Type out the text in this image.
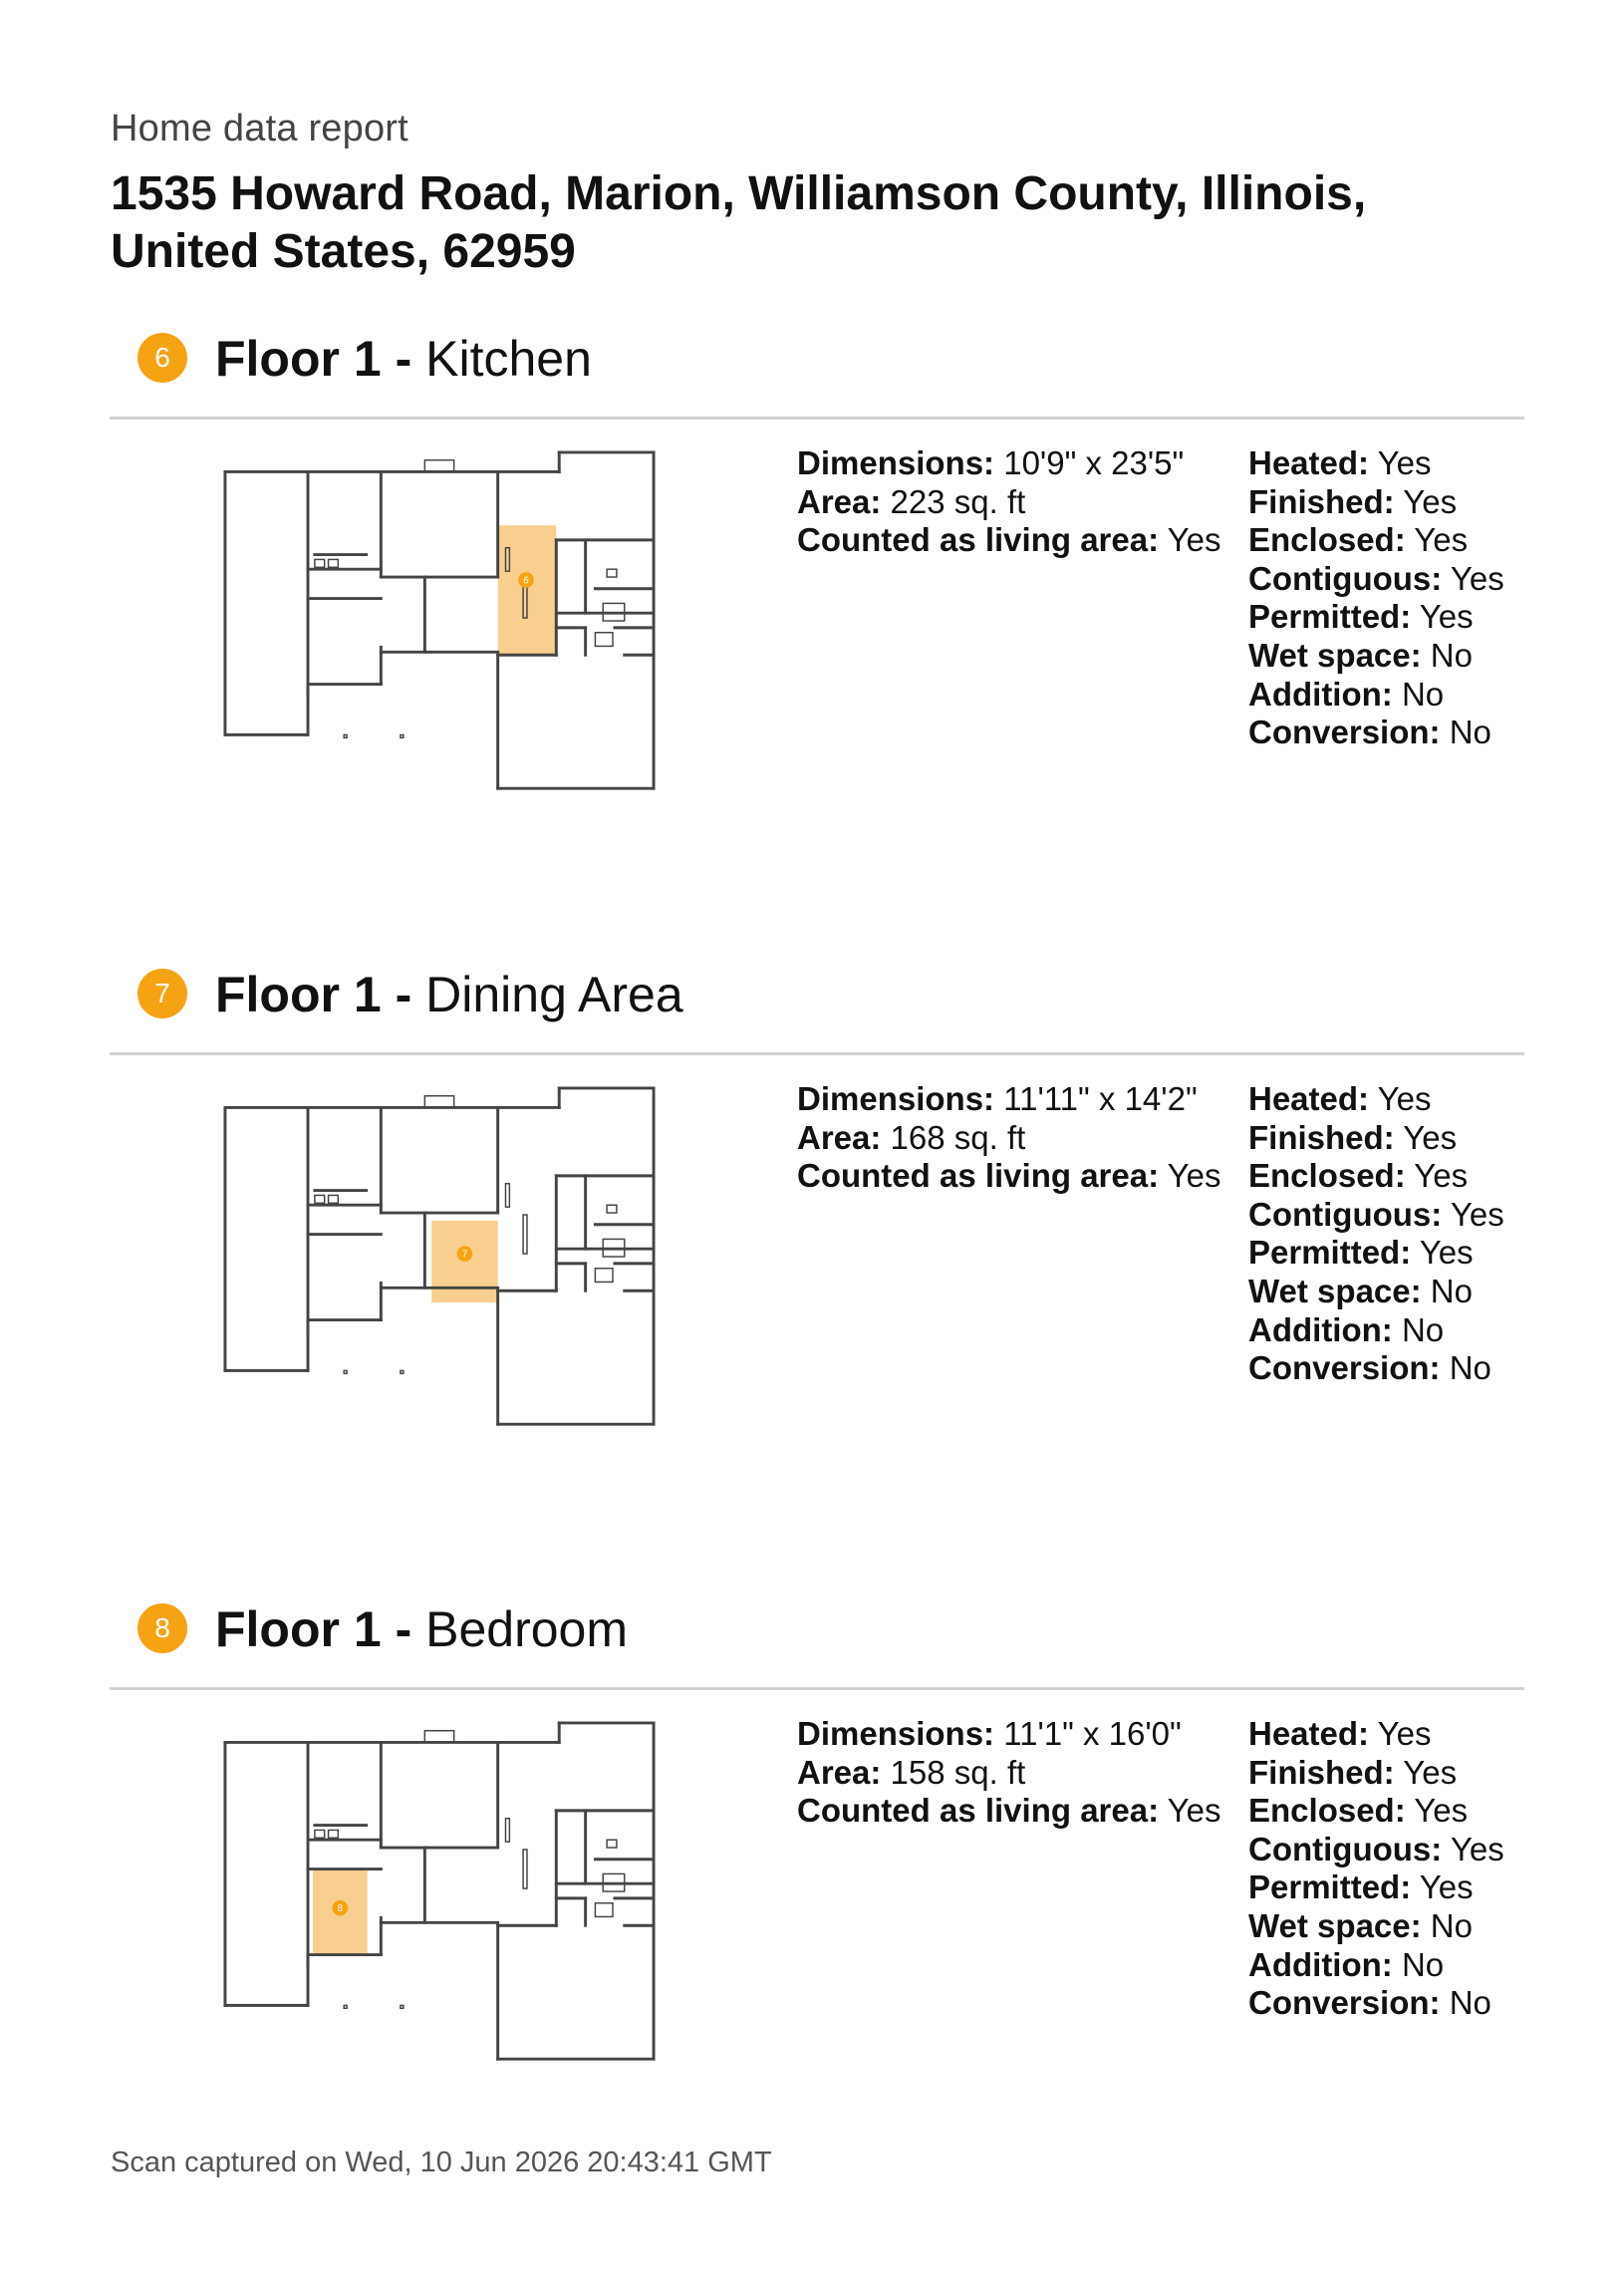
Home data report
1535 Howard Road, Marion, Williamson County, Illinois, United States, 62959
6 Floor 1 - Kitchen
6
Dimensions: 10'9" x 23'5"
Area: 223 sq. ft
Counted as living area: Yes
Heated: Yes
Finished: Yes
Enclosed: Yes
Contiguous: Yes
Permitted: Yes
Wet space: No
Addition: No
Conversion: No
7 Floor 1 - Dining Area
7
Dimensions: 11'11" x 14'2"
Area: 168 sq. ft
Counted as living area: Yes
Heated: Yes
Finished: Yes
Enclosed: Yes
Contiguous: Yes
Permitted: Yes
Wet space: No
Addition: No
Conversion: No
8 Floor 1 - Bedroom
8
Dimensions: 11'1" x 16'0"
Area: 158 sq. ft
Counted as living area: Yes
Heated: Yes
Finished: Yes
Enclosed: Yes
Contiguous: Yes
Permitted: Yes
Wet space: No
Addition: No
Conversion: No
Scan captured on Wed, 10 Jun 2026 20:43:41 GMT
